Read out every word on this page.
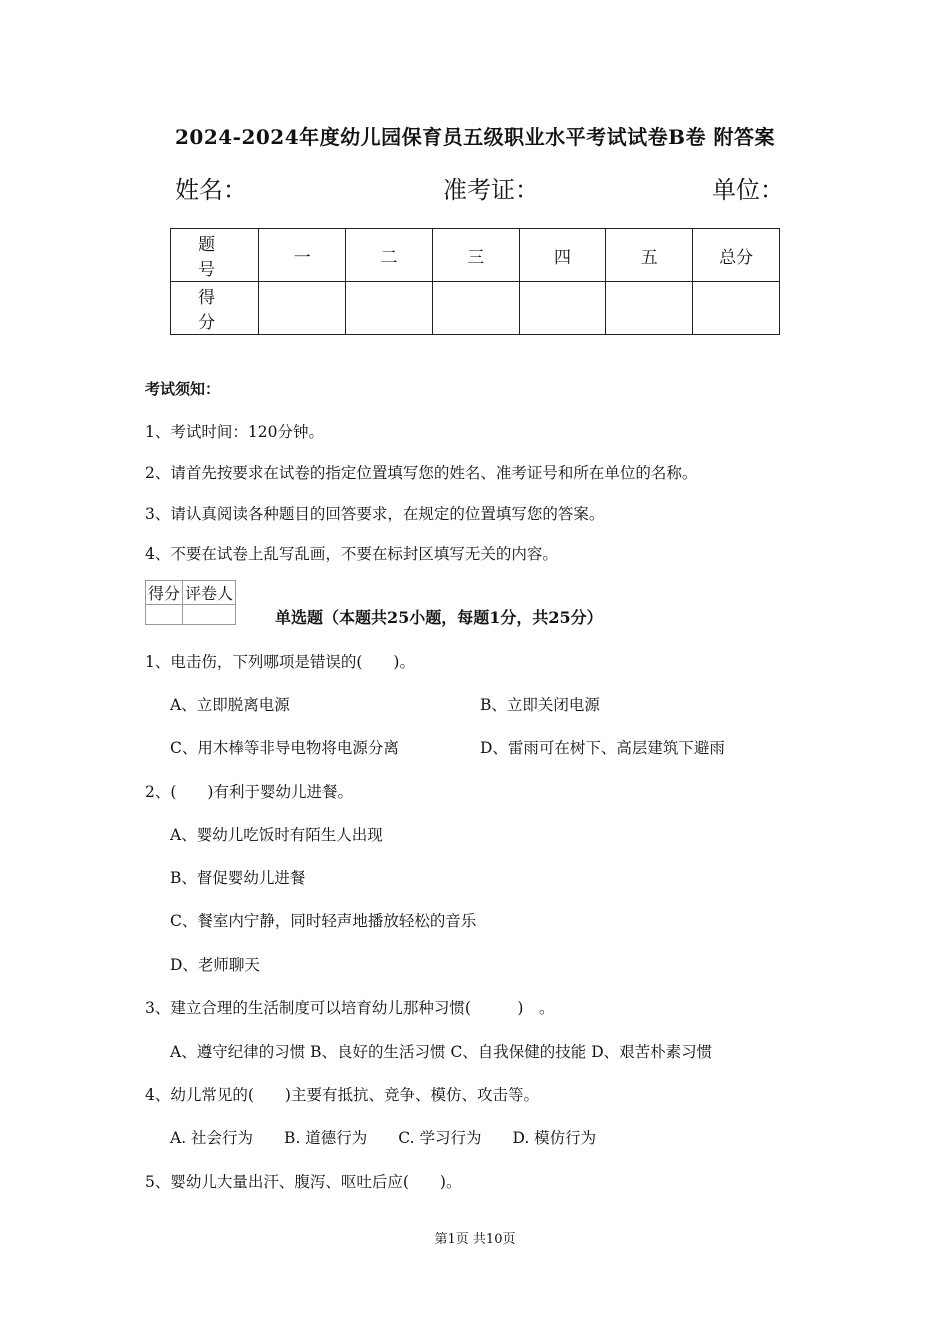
2024-2024年度幼儿园保育员五级职业水平考试试卷B卷 附答案
姓名：	准考证：	单位：
题　号	一	二	三	四	五	总分
得　分						
考试须知：
1、考试时间：120分钟。
2、请首先按要求在试卷的指定位置填写您的姓名、准考证号和所在单位的名称。
3、请认真阅读各种题目的回答要求，在规定的位置填写您的答案。
4、不要在试卷上乱写乱画，不要在标封区填写无关的内容。
得分	评卷人

单选题（本题共25小题，每题1分，共25分）
1、电击伤，下列哪项是错误的(　　)。
A、立即脱离电源	B、立即关闭电源
C、用木棒等非导电物将电源分离	D、雷雨可在树下、高层建筑下避雨
2、(　　)有利于婴幼儿进餐。
A、婴幼儿吃饭时有陌生人出现
B、督促婴幼儿进餐
C、餐室内宁静，同时轻声地播放轻松的音乐
D、老师聊天
3、建立合理的生活制度可以培育幼儿那种习惯(　　　)　。
A、遵守纪律的习惯 B、良好的生活习惯 C、自我保健的技能 D、艰苦朴素习惯
4、幼儿常见的(　　)主要有抵抗、竞争、模仿、攻击等。
A. 社会行为　　B. 道德行为　　C. 学习行为　　D. 模仿行为
5、婴幼儿大量出汗、腹泻、呕吐后应(　　)。
第1页 共10页
